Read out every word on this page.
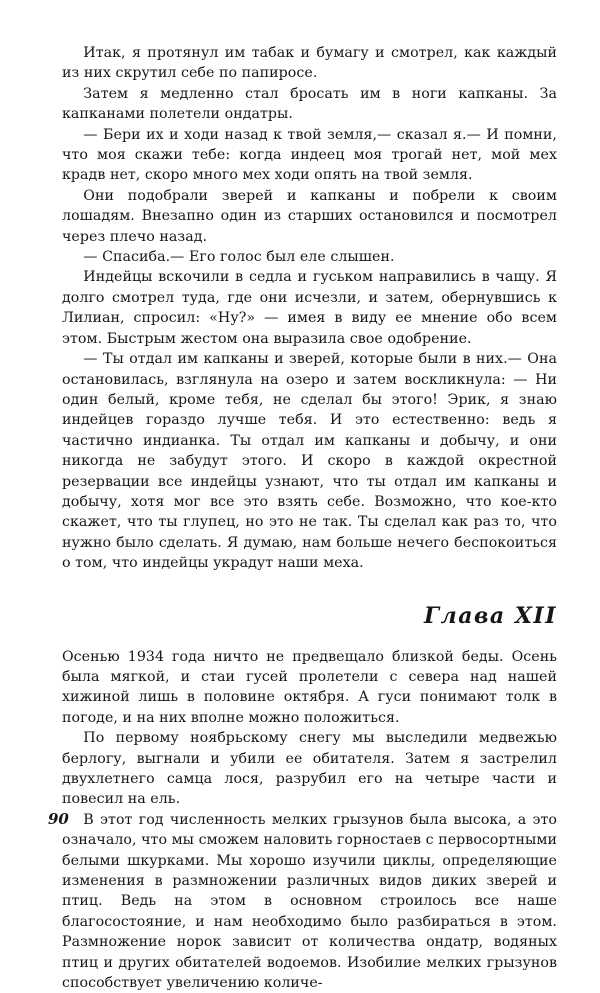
Итак, я протянул им табак и бумагу и смотрел, как каждый из них скрутил себе по папиросе.

Затем я медленно стал бросать им в ноги капканы. За капканами полетели ондатры.

— Бери их и ходи назад к твой земля,— сказал я.— И помни, что моя скажи тебе: когда индеец моя трогай нет, мой мех крадв нет, скоро много мех ходи опять на твой земля.

Они подобрали зверей и капканы и побрели к своим лошадям. Внезапно один из старших остановился и посмотрел через плечо назад.

— Спасиба.— Его голос был еле слышен.

Индейцы вскочили в седла и гуськом направились в чащу. Я долго смотрел туда, где они исчезли, и затем, обернувшись к Лилиан, спросил: «Ну?» — имея в виду ее мнение обо всем этом. Быстрым жестом она выразила свое одобрение.

— Ты отдал им капканы и зверей, которые были в них.— Она остановилась, взглянула на озеро и затем воскликнула: — Ни один белый, кроме тебя, не сделал бы этого! Эрик, я знаю индейцев гораздо лучше тебя. И это естественно: ведь я частично индианка. Ты отдал им капканы и добычу, и они никогда не забудут этого. И скоро в каждой окрестной резервации все индейцы узнают, что ты отдал им капканы и добычу, хотя мог все это взять себе. Возможно, что кое-кто скажет, что ты глупец, но это не так. Ты сделал как раз то, что нужно было сделать. Я думаю, нам больше нечего беспокоиться о том, что индейцы украдут наши меха.

Глава XII

Осенью 1934 года ничто не предвещало близкой беды. Осень была мягкой, и стаи гусей пролетели с севера над нашей хижиной лишь в половине октября. А гуси понимают толк в погоде, и на них вполне можно положиться.

По первому ноябрьскому снегу мы выследили медвежью берлогу, выгнали и убили ее обитателя. Затем я застрелил двухлетнего самца лося, разрубил его на четыре части и повесил на ель.

В этот год численность мелких грызунов была высока, а это означало, что мы сможем наловить горностаев с первосортными белыми шкурками. Мы хорошо изучили циклы, определяющие изменения в размножении различных видов диких зверей и птиц. Ведь на этом в основном строилось все наше благосостояние, и нам необходимо было разбираться в этом. Размножение норок зависит от количества ондатр, водяных птиц и других обитателей водоемов. Изобилие мелких грызунов способствует увеличению количе-

90
